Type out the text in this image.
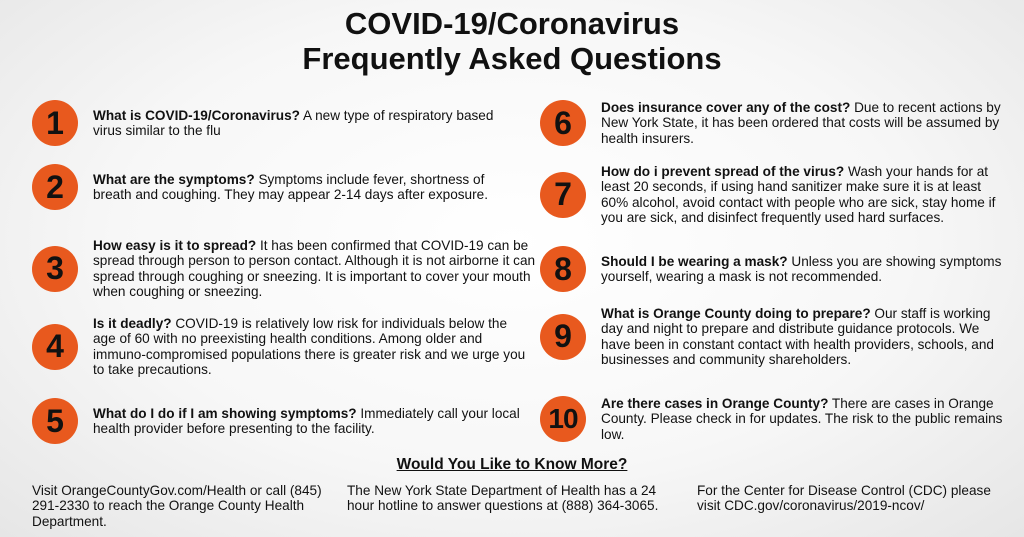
COVID-19/Coronavirus
Frequently Asked Questions
1	What is COVID-19/Coronavirus? A new type of respiratory based virus similar to the flu
2	What are the symptoms? Symptoms include fever, shortness of breath and coughing. They may appear 2-14 days after exposure.
3
How easy is it to spread? It has been confirmed that COVID-19 can be spread through person to person contact. Although it is not airborne it can spread through coughing or sneezing. It is important to cover your mouth when coughing or sneezing.
4
Is it deadly? COVID-19 is relatively low risk for individuals below the age of 60 with no preexisting health conditions. Among older and immuno-compromised populations there is greater risk and we urge you to take precautions.
5	What do I do if I am showing symptoms? Immediately call your local health provider before presenting to the facility.
6	Does insurance cover any of the cost? Due to recent actions by New York State, it has been ordered that costs will be assumed by health insurers.
7
How do i prevent spread of the virus? Wash your hands for at least 20 seconds, if using hand sanitizer make sure it is at least 60% alcohol, avoid contact with people who are sick, stay home if you are sick, and disinfect frequently used hard surfaces.
8	Should I be wearing a mask? Unless you are showing symptoms yourself, wearing a mask is not recommended.
9
What is Orange County doing to prepare? Our staff is working day and night to prepare and distribute guidance protocols. We have been in constant contact with health providers, schools, and businesses and community shareholders.
10	Are there cases in Orange County? There are cases in Orange County. Please check in for updates. The risk to the public remains low.
Would You Like to Know More?
Visit OrangeCountyGov.com/Health or call (845) 291-2330 to reach the Orange County Health Department.
The New York State Department of Health has a 24 hour hotline to answer questions at (888) 364-3065.
For the Center for Disease Control (CDC) please visit CDC.gov/coronavirus/2019-ncov/
